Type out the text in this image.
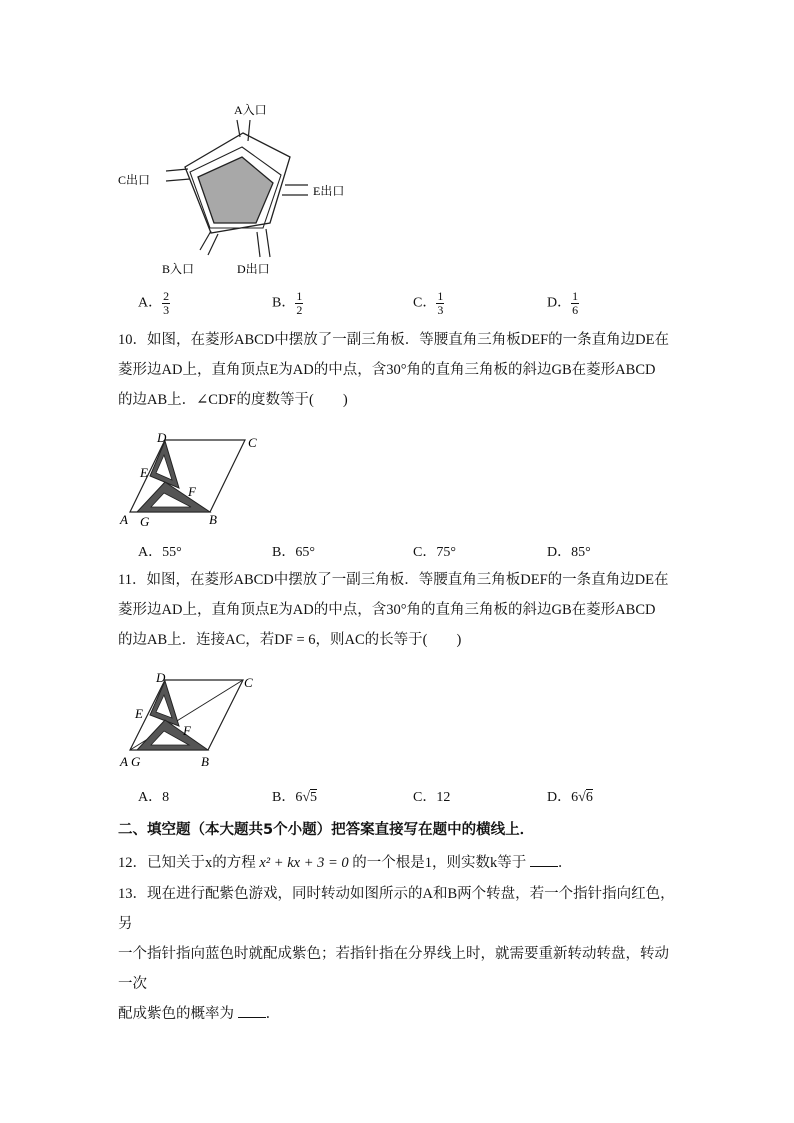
A入口
C出口
E出口
B入口	D出口
A． $\frac{2}{3}$	B． $\frac{1}{2}$	C． $\frac{1}{3}$	D． $\frac{1}{6}$
10．如图，在菱形ABCD中摆放了一副三角板．等腰直角三角板DEF的一条直角边DE在
菱形边AD上，直角顶点E为AD的中点，含30°角的直角三角板的斜边GB在菱形ABCD
的边AB上．∠CDF的度数等于(　　)
D	C
E
F
A G	B
A．55°	B．65°	C．75°	D．85°
11．如图，在菱形ABCD中摆放了一副三角板．等腰直角三角板DEF的一条直角边DE在
菱形边AD上，直角顶点E为AD的中点，含30°角的直角三角板的斜边GB在菱形ABCD
的边AB上．连接AC，若DF = 6，则AC的长等于(　　)
D	C
E
F
A G	B
A．8	B．6√5	C．12	D．6√6
二、填空题（本大题共5个小题）把答案直接写在题中的横线上．
12．已知关于x的方程 x² + kx + 3 = 0 的一个根是1，则实数k等于 ．
13．现在进行配紫色游戏，同时转动如图所示的A和B两个转盘，若一个指针指向红色，另
一个指针指向蓝色时就配成紫色；若指针指在分界线上时，就需要重新转动转盘，转动一次
配成紫色的概率为 ．
